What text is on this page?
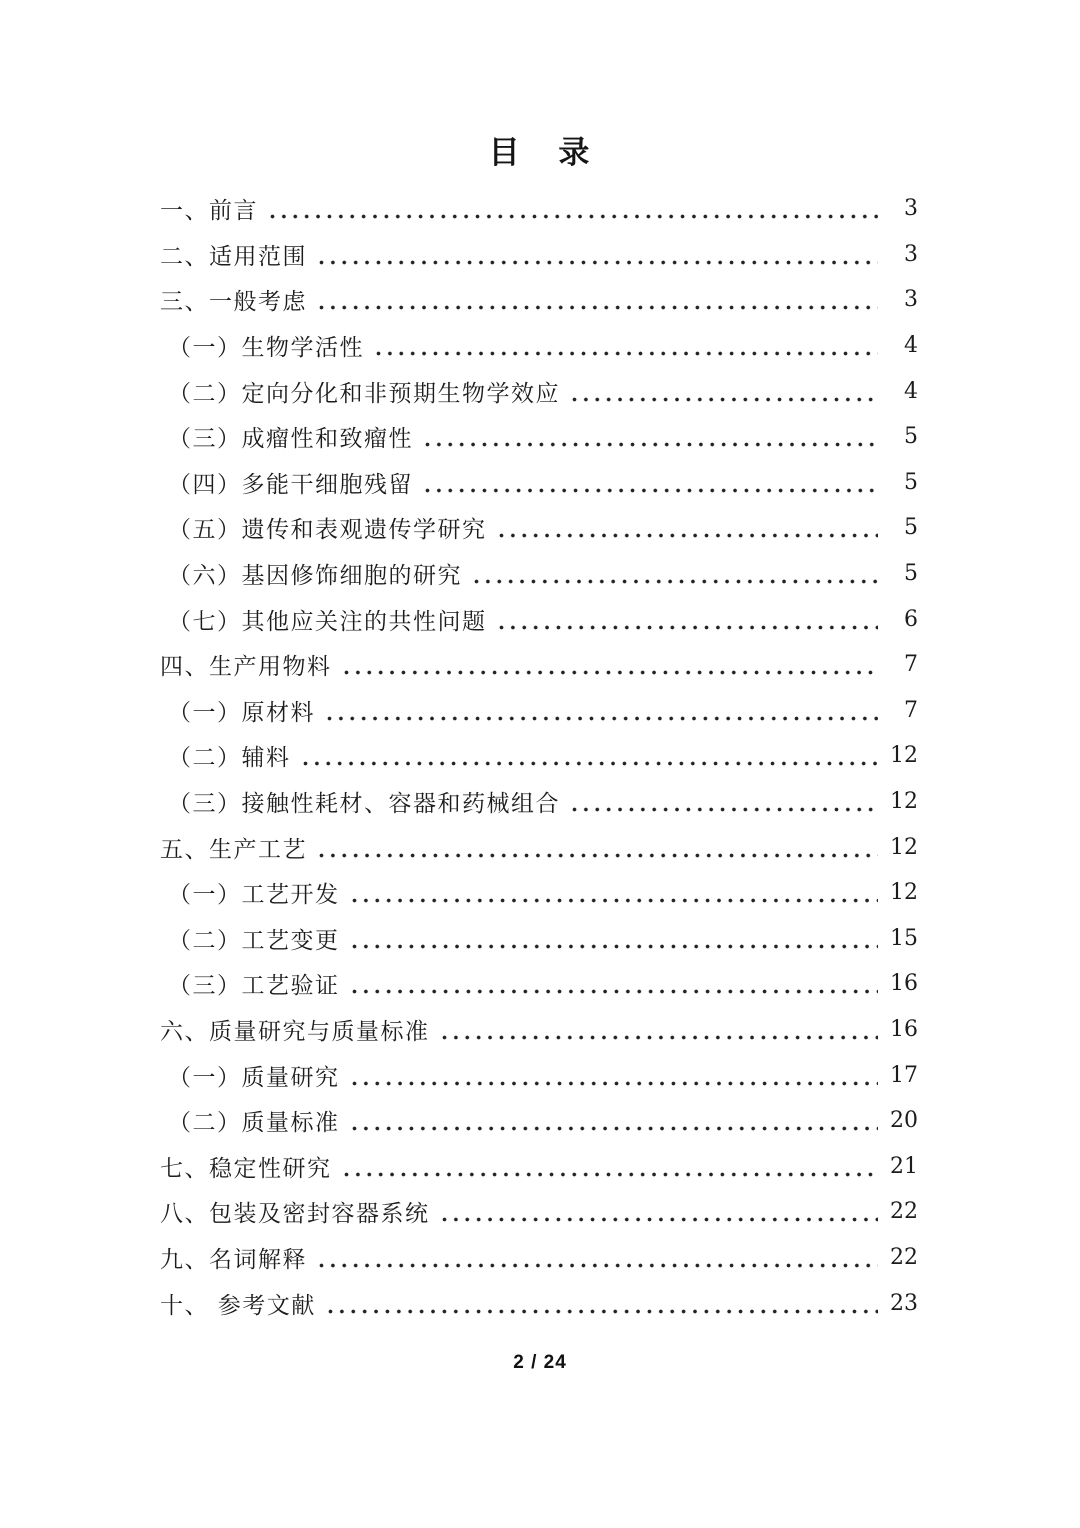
目 录
一、前言	3
二、适用范围	3
三、一般考虑	3
（一）生物学活性	4
（二）定向分化和非预期生物学效应	4
（三）成瘤性和致瘤性	5
（四）多能干细胞残留	5
（五）遗传和表观遗传学研究	5
（六）基因修饰细胞的研究	5
（七）其他应关注的共性问题	6
四、生产用物料	7
（一）原材料	7
（二）辅料	12
（三）接触性耗材、容器和药械组合	12
五、生产工艺	12
（一）工艺开发	12
（二）工艺变更	15
（三）工艺验证	16
六、质量研究与质量标准	16
（一）质量研究	17
（二）质量标准	20
七、稳定性研究	21
八、包装及密封容器系统	22
九、名词解释	22
十、 参考文献	23
2 / 24
